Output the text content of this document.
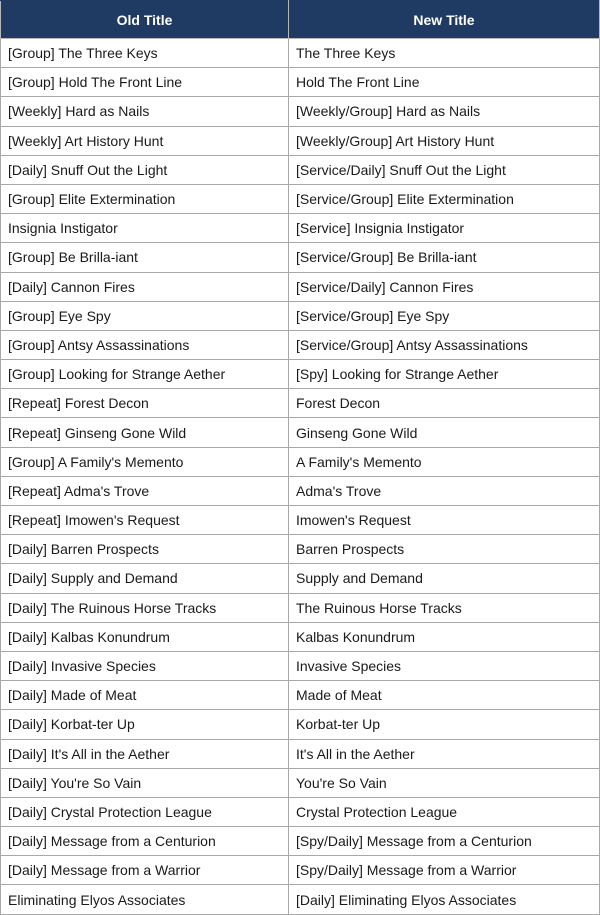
Old Title	New Title
[Group] The Three Keys	The Three Keys
[Group] Hold The Front Line	Hold The Front Line
[Weekly] Hard as Nails	[Weekly/Group] Hard as Nails
[Weekly] Art History Hunt	[Weekly/Group] Art History Hunt
[Daily] Snuff Out the Light	[Service/Daily] Snuff Out the Light
[Group] Elite Extermination	[Service/Group] Elite Extermination
Insignia Instigator	[Service] Insignia Instigator
[Group] Be Brilla-iant	[Service/Group] Be Brilla-iant
[Daily] Cannon Fires	[Service/Daily] Cannon Fires
[Group] Eye Spy	[Service/Group] Eye Spy
[Group] Antsy Assassinations	[Service/Group] Antsy Assassinations
[Group] Looking for Strange Aether	[Spy] Looking for Strange Aether
[Repeat] Forest Decon	Forest Decon
[Repeat] Ginseng Gone Wild	Ginseng Gone Wild
[Group] A Family's Memento	A Family's Memento
[Repeat] Adma's Trove	Adma's Trove
[Repeat] Imowen's Request	Imowen's Request
[Daily] Barren Prospects	Barren Prospects
[Daily] Supply and Demand	Supply and Demand
[Daily] The Ruinous Horse Tracks	The Ruinous Horse Tracks
[Daily] Kalbas Konundrum	Kalbas Konundrum
[Daily] Invasive Species	Invasive Species
[Daily] Made of Meat	Made of Meat
[Daily] Korbat-ter Up	Korbat-ter Up
[Daily] It's All in the Aether	It's All in the Aether
[Daily] You're So Vain	You're So Vain
[Daily] Crystal Protection League	Crystal Protection League
[Daily] Message from a Centurion	[Spy/Daily] Message from a Centurion
[Daily] Message from a Warrior	[Spy/Daily] Message from a Warrior
Eliminating Elyos Associates	[Daily] Eliminating Elyos Associates
